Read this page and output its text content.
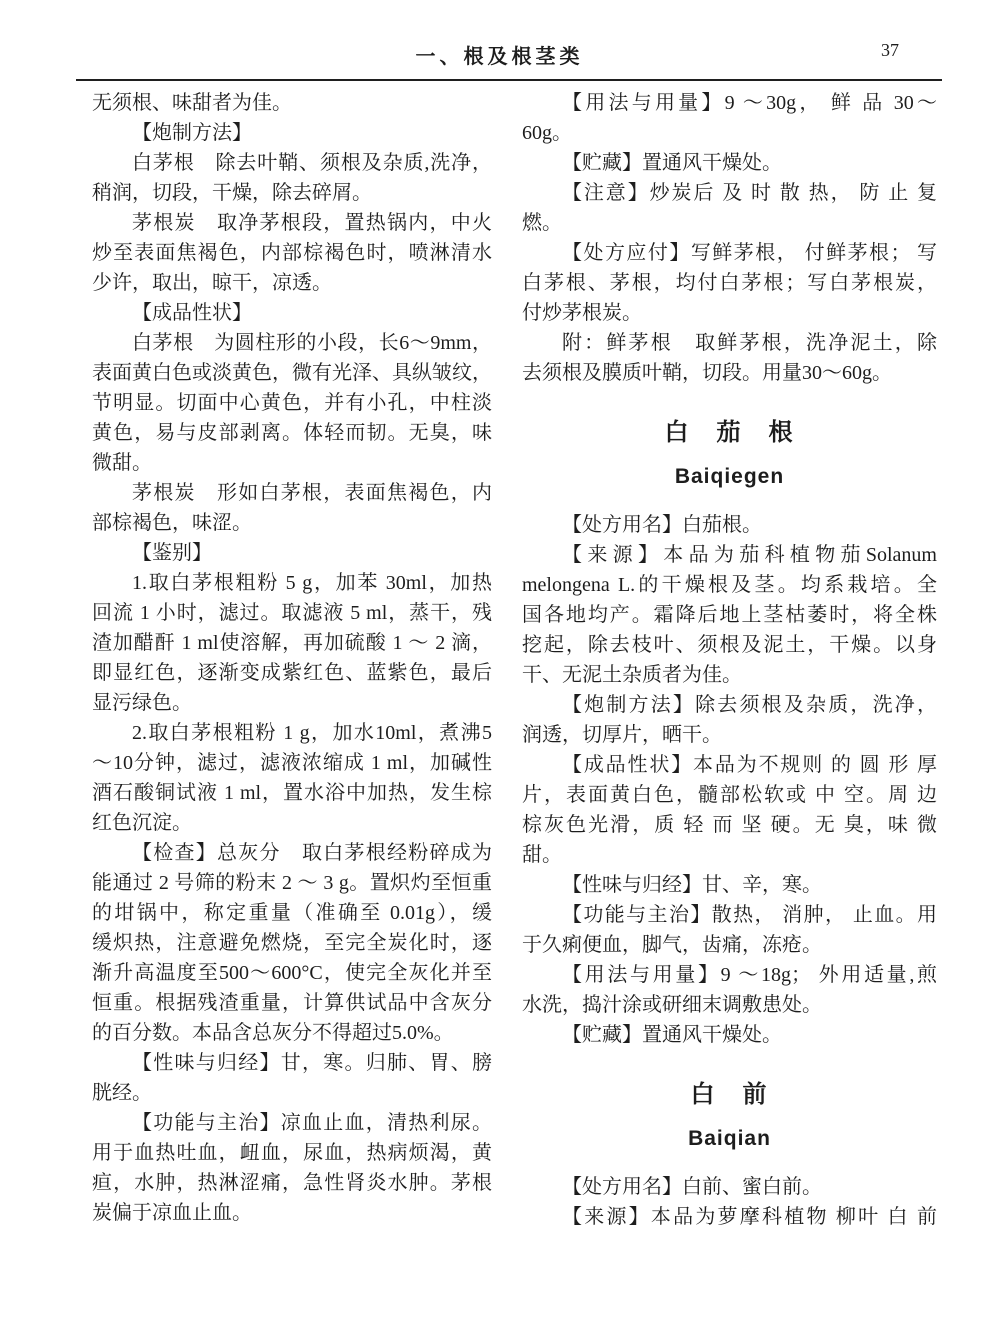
一、根及根茎类	37
无须根、味甜者为佳。
【炮制方法】
白茅根　除去叶鞘、须根及杂质,洗净，
稍润，切段，干燥，除去碎屑。
茅根炭　取净茅根段，置热锅内，中火
炒至表面焦褐色，内部棕褐色时，喷淋清水
少许，取出，晾干，凉透。
【成品性状】
白茅根　为圆柱形的小段，长6～9mm，
表面黄白色或淡黄色，微有光泽、具纵皱纹，
节明显。切面中心黄色，并有小孔，中柱淡
黄色，易与皮部剥离。体轻而韧。无臭，味
微甜。
茅根炭　形如白茅根，表面焦褐色，内
部棕褐色，味涩。
【鉴别】
1.取白茅根粗粉 5 g，加苯 30ml，加热
回流 1 小时，滤过。取滤液 5 ml，蒸干，残
渣加醋酐 1 ml使溶解，再加硫酸 1 ～ 2 滴，
即显红色，逐渐变成紫红色、蓝紫色，最后
显污绿色。
2.取白茅根粗粉 1 g，加水10ml，煮沸5
～10分钟，滤过，滤液浓缩成 1 ml，加碱性
酒石酸铜试液 1 ml，置水浴中加热，发生棕
红色沉淀。
【检查】总灰分　取白茅根经粉碎成为
能通过 2 号筛的粉末 2 ～ 3 g。置炽灼至恒重
的坩锅中，称定重量（准确至 0.01g），缓
缓炽热，注意避免燃烧，至完全炭化时，逐
渐升高温度至500～600°C，使完全灰化并至
恒重。根据残渣重量，计算供试品中含灰分
的百分数。本品含总灰分不得超过5.0%。
【性味与归经】甘，寒。归肺、胃、膀
胱经。
【功能与主治】凉血止血，清热利尿。
用于血热吐血，衄血，尿血，热病烦渴，黄
疸，水肿，热淋涩痛，急性肾炎水肿。茅根
炭偏于凉血止血。
【用法与用量】9 ～30g， 鲜 品 30～
60g。
【贮藏】置通风干燥处。
【注意】炒炭后 及 时 散 热， 防 止 复
燃。
【处方应付】写鲜茅根， 付鲜茅根； 写
白茅根、茅根，均付白茅根；写白茅根炭，
付炒茅根炭。
附：鲜茅根　取鲜茅根，洗净泥土，除
去须根及膜质叶鞘，切段。用量30～60g。
白　茄　根
Baiqiegen
【处方用名】白茄根。
【来源】本品为茄科植物茄Solanum
melongena L.的干燥根及茎。均系栽培。全
国各地均产。霜降后地上茎枯萎时，将全株
挖起，除去枝叶、须根及泥土，干燥。以身
干、无泥土杂质者为佳。
【炮制方法】除去须根及杂质，洗净，
润透，切厚片，晒干。
【成品性状】本品为不规则 的 圆 形 厚
片，表面黄白色，髓部松软或 中 空。周 边
棕灰色光滑，质 轻 而 坚 硬。无 臭，味 微
甜。
【性味与归经】甘、辛，寒。
【功能与主治】散热， 消肿， 止血。用
于久痢便血，脚气，齿痛，冻疮。
【用法与用量】9 ～18g； 外用适量,煎
水洗，捣汁涂或研细末调敷患处。
【贮藏】置通风干燥处。
白　前
Baiqian
【处方用名】白前、蜜白前。
【来源】本品为萝摩科植物 柳叶 白 前
